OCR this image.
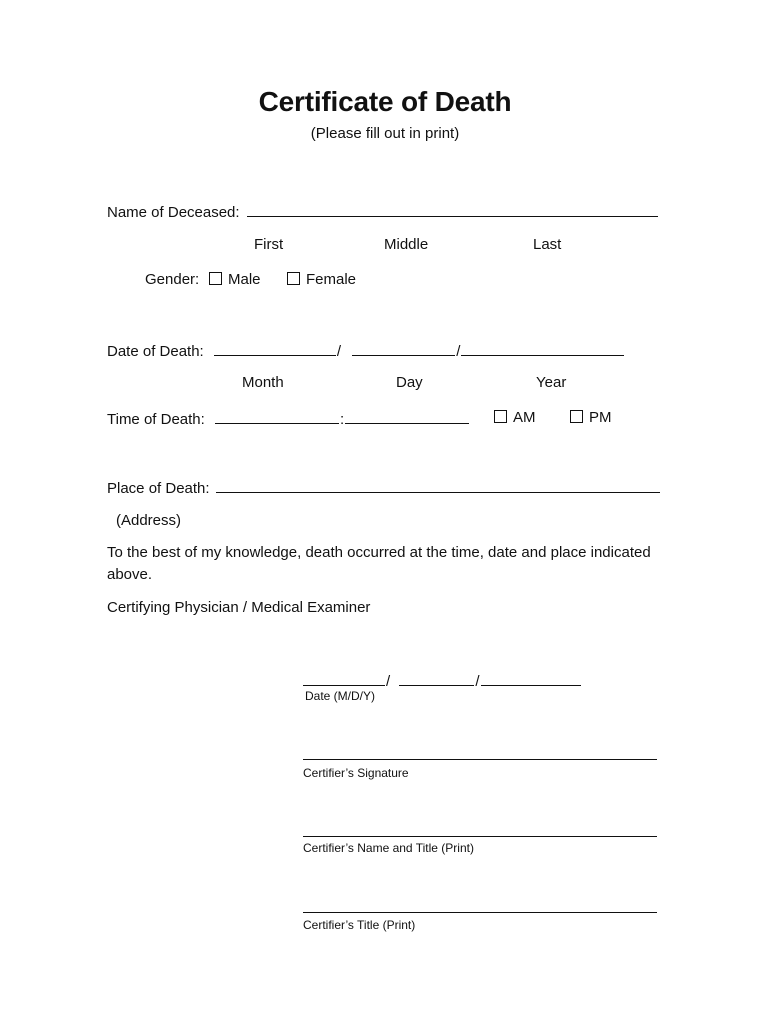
Certificate of Death
(Please fill out in print)
Name of Deceased:
First	Middle	Last
Gender:	Male	Female
Date of Death:	/	/
Month	Day	Year
Time of Death:	:	AM	PM
Place of Death:
(Address)
To the best of my knowledge, death occurred at the time, date and place indicated above.
Certifying Physician / Medical Examiner
/	/
Date (M/D/Y)
Certifier’s Signature
Certifier’s Name and Title (Print)
Certifier’s Title (Print)
